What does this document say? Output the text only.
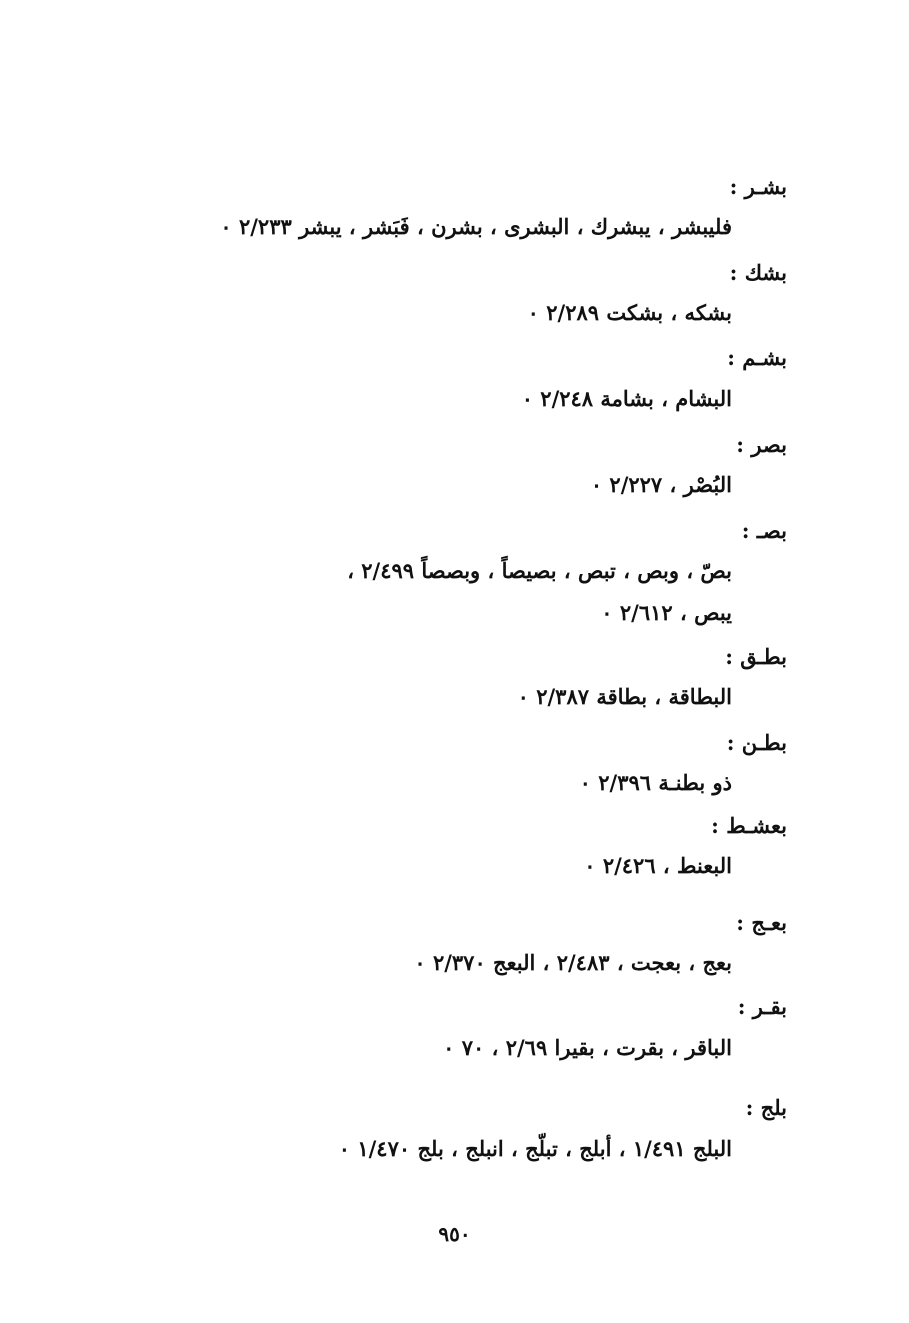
بشـر :
فليبشر ، يبشرك ، البشرى ، بشرن ، فَبَشر ، يبشر ٢/٢٣٣ ٠
بشك :
بشكه ، بشكت ٢/٢٨٩ ٠
بشـم :
البشام ، بشامة ٢/٢٤٨ ٠
بصر :
البُصْر ، ٢/٢٢٧ ٠
بصـ :
بصّ ، وبص ، تبص ، بصيصاً ، وبصصاً ٢/٤٩٩ ،
يبص ، ٢/٦١٢ ٠
بطـق :
البطاقة ، بطاقة ٢/٣٨٧ ٠
بطـن :
ذو بطنـة ٢/٣٩٦ ٠
بعشـط :
البعنط ، ٢/٤٢٦ ٠
بعـج :
بعج ، بعجت ، ٢/٤٨٣ ، البعج ٢/٣٧٠ ٠
بقـر :
الباقر ، بقرت ، بقيرا ٢/٦٩ ، ٧٠ ٠
بلج :
البلج ١/٤٩١ ، أبلج ، تبلّج ، انبلج ، بلج ١/٤٧٠ ٠
٩٥٠
